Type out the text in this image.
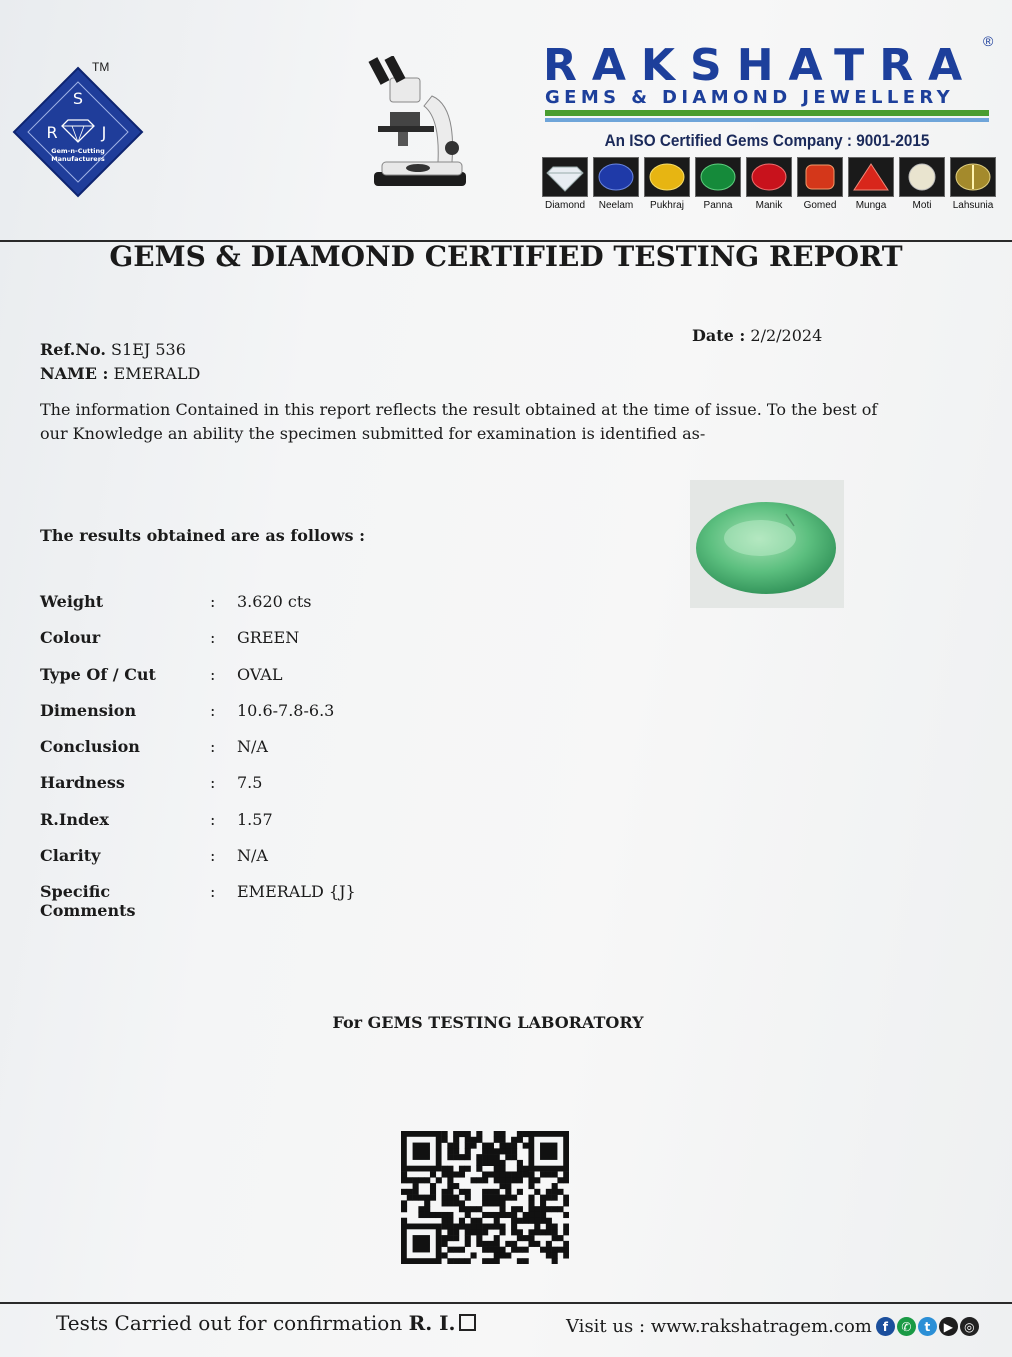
S
R	J
Gem-n-Cutting
Manufacturers
TM	RAKSHATRA ®
GEMS & DIAMOND JEWELLERY
An ISO Certified Gems Company : 9001-2015
Diamond	Neelam	Pukhraj	Panna	Manik	Gomed	Munga	Moti	Lahsunia
GEMS & DIAMOND CERTIFIED TESTING REPORT
Date : 2/2/2024
Ref.No. S1EJ 536
NAME : EMERALD
The information Contained in this report reflects the result obtained at the time of issue. To the best of our Knowledge an ability the specimen submitted for examination is identified as-
The results obtained are as follows :
Weight	:	3.620 cts
Colour	:	GREEN
Type Of / Cut	:	OVAL
Dimension	:	10.6-7.8-6.3
Conclusion	:	N/A
Hardness	:	7.5
R.Index	:	1.57
Clarity	:	N/A
Specific Comments
:	EMERALD {J}
For GEMS TESTING LABORATORY
Tests Carried out for confirmation R. I.	Visit us : www.rakshatragem.com f	✆	t	▶ ◎
